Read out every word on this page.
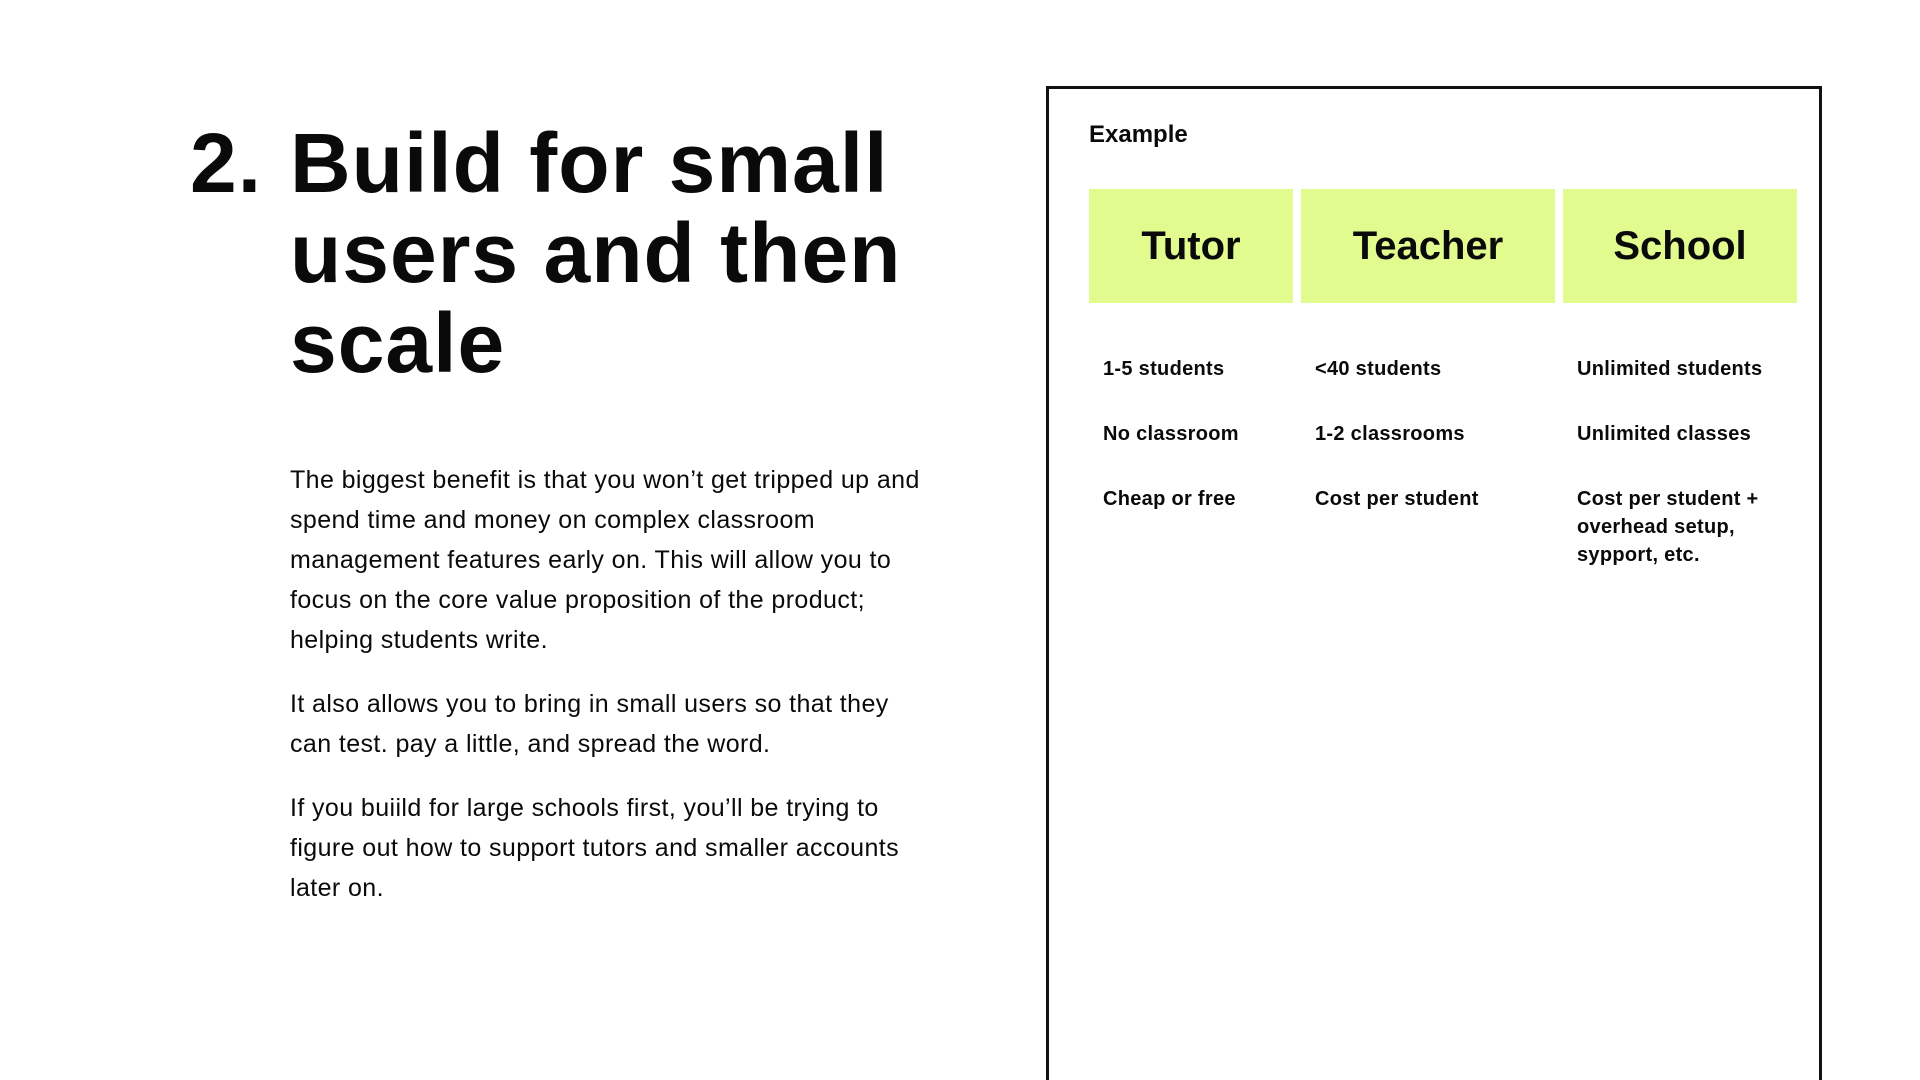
2. Build for small users and then scale

The biggest benefit is that you won’t get tripped up and spend time and money on complex classroom management features early on. This will allow you to focus on the core value proposition of the product; helping students write.

It also allows you to bring in small users so that they can test. pay a little, and spread the word.

If you buiild for large schools first, you’ll be trying to figure out how to support tutors and smaller accounts later on.

Example
Tutor	Teacher	School
1-5 students
No classroom
Cheap or free
<40 students
1-2 classrooms
Cost per student
Unlimited students
Unlimited classes
Cost per student + overhead setup, sypport, etc.
